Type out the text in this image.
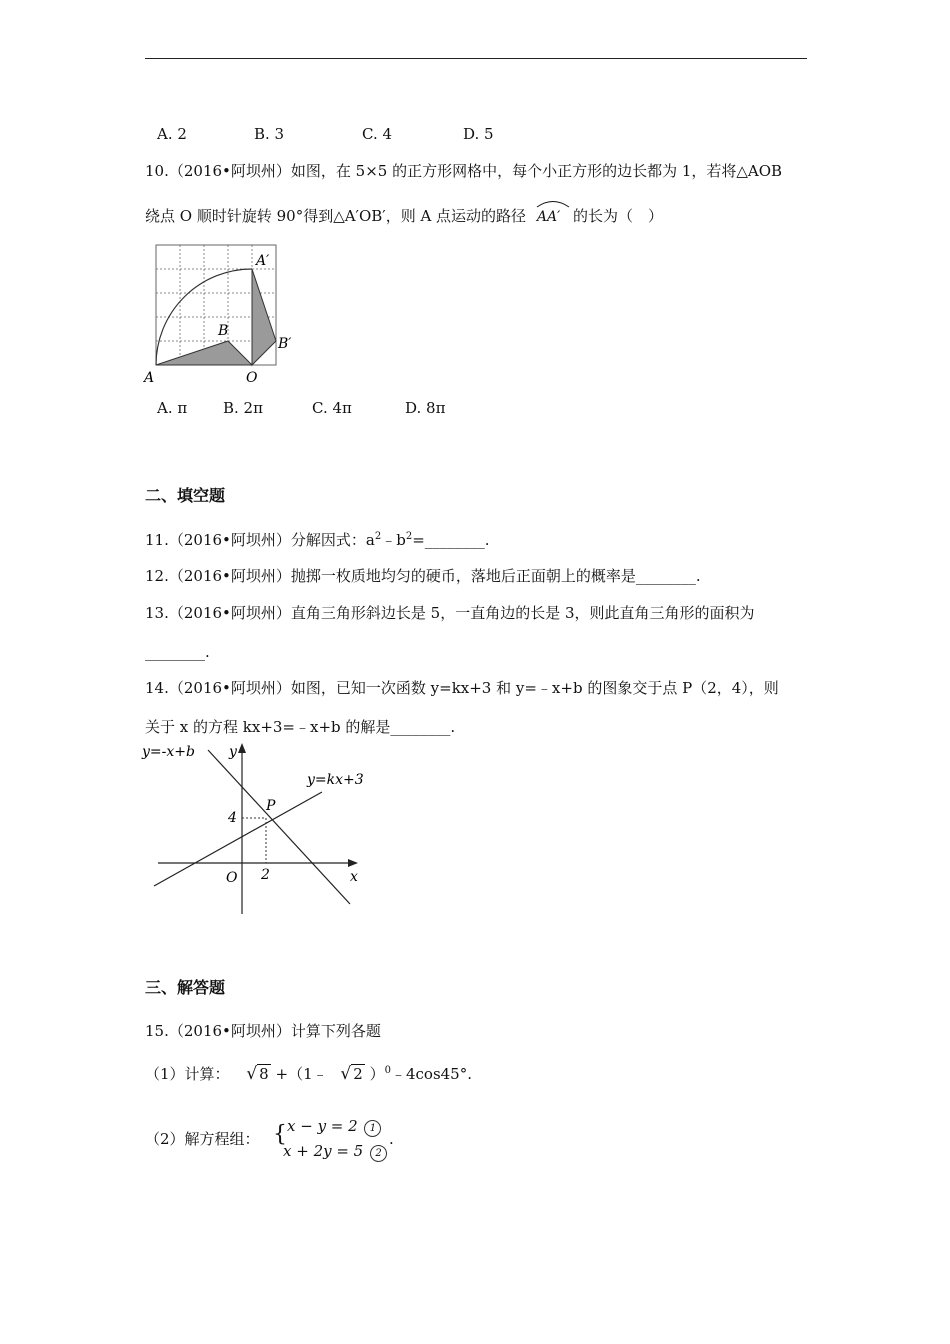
A. 2	B. 3	C. 4	D. 5
10.（2016•阿坝州）如图，在 5×5 的正方形网格中，每个小正方形的边长都为 1，若将△AOB
绕点 O 顺时针旋转 90°得到△A′OB′，则 A 点运动的路径 AA′ 的长为（　）
A	O
B
A′
B′
A. π B. 2π	C. 4π	D. 8π
二、填空题
11.（2016•阿坝州）分解因式：$a^2﹣b^2=\_\_\_\_\_\_\_\_$.
12.（2016•阿坝州）抛掷一枚质地均匀的硬币，落地后正面朝上的概率是________.
13.（2016•阿坝州）直角三角形斜边长是 5，一直角边的长是 3，则此直角三角形的面积为
________.
14.（2016•阿坝州）如图，已知一次函数 y=kx+3 和 y=﹣x+b 的图象交于点 P（2，4），则
关于 x 的方程 kx+3=﹣x+b 的解是________.
y=-x+b
y=kx+3
y
x
P
4
O 2
三、解答题
15.（2016•阿坝州）计算下列各题
（1）计算： √ 8 +（1﹣ √ 2 ）$^0$﹣4cos45°.
（2）解方程组： { x − y = 2 1
x + 2y = 5 2
.
